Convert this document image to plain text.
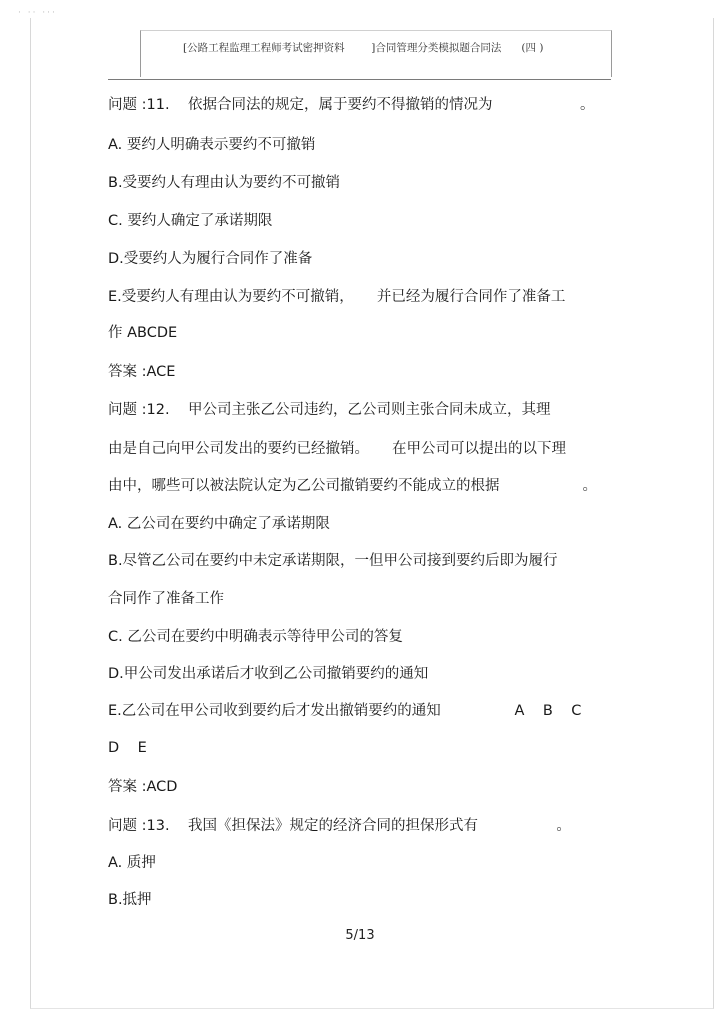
· ·· ···
[公路工程监理工程师考试密押资料        ]合同管理分类模拟题合同法      (四 )
问题 :11.    依据合同法的规定，属于要约不得撤销的情况为                   。
A. 要约人明确表示要约不可撤销
B.受要约人有理由认为要约不可撤销
C. 要约人确定了承诺期限
D.受要约人为履行合同作了准备
E.受要约人有理由认为要约不可撤销，     并已经为履行合同作了准备工
作 ABCDE
答案 :ACE
问题 :12.    甲公司主张乙公司违约，乙公司则主张合同未成立，其理
由是自己向甲公司发出的要约已经撤销。     在甲公司可以提出的以下理
由中，哪些可以被法院认定为乙公司撤销要约不能成立的根据                  。
A. 乙公司在要约中确定了承诺期限
B.尽管乙公司在要约中未定承诺期限，一但甲公司接到要约后即为履行
合同作了准备工作
C. 乙公司在要约中明确表示等待甲公司的答复
D.甲公司发出承诺后才收到乙公司撤销要约的通知
E.乙公司在甲公司收到要约后才发出撤销要约的通知                A    B    C
D    E
答案 :ACD
问题 :13.    我国《担保法》规定的经济合同的担保形式有                 。
A. 质押
B.抵押
5/13
